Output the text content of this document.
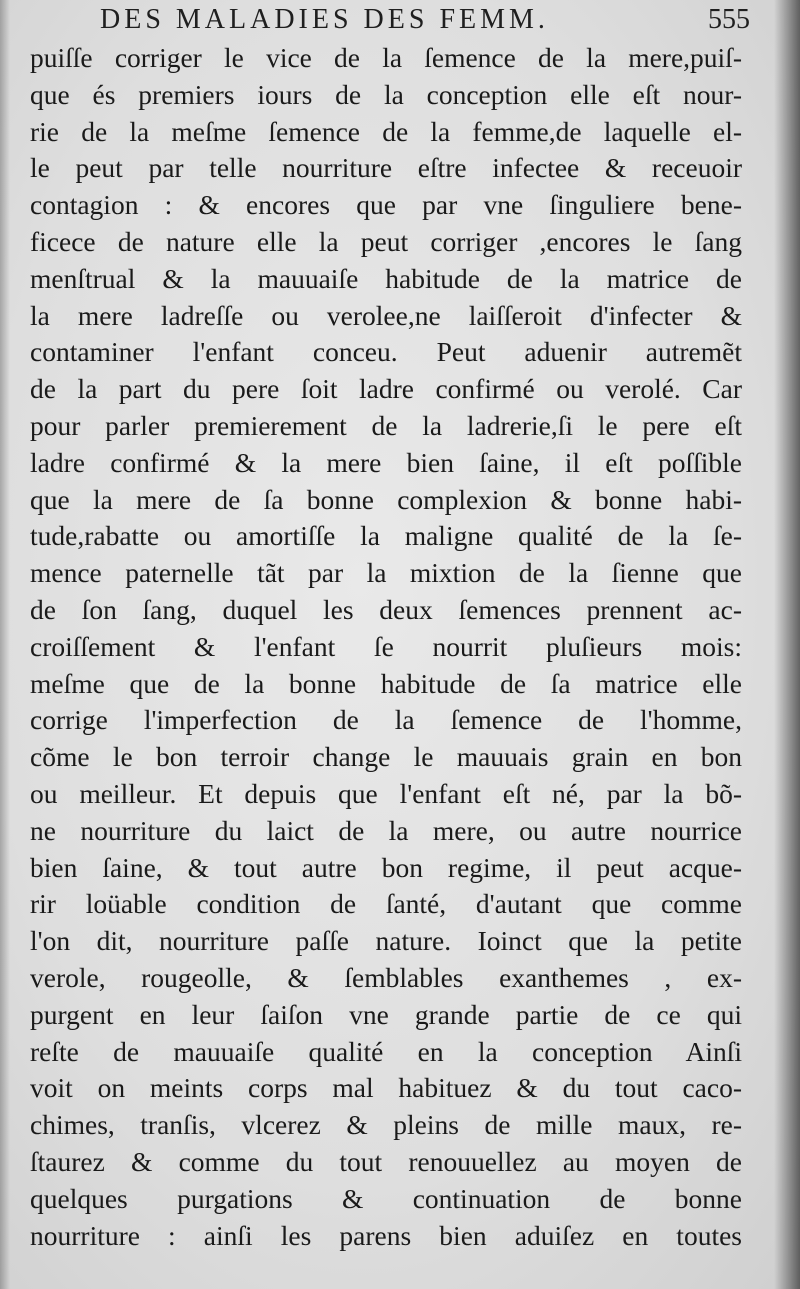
DES MALADIES DES FEMM.	555
puiſſe corriger le vice de la ſemence de la mere,puiſ-
que és premiers iours de la conception elle eſt nour-
rie de la meſme ſemence de la femme,de laquelle el-
le peut par telle nourriture eſtre infectee & receuoir
contagion : & encores que par vne ſinguliere bene-
ficece de nature elle la peut corriger ,encores le ſang
menſtrual & la mauuaiſe habitude de la matrice de
la mere ladreſſe ou verolee,ne laiſſeroit d'infecter &
contaminer l'enfant conceu. Peut aduenir autremẽt
de la part du pere ſoit ladre confirmé ou verolé. Car
pour parler premierement de la ladrerie,ſi le pere eſt
ladre confirmé & la mere bien ſaine, il eſt poſſible
que la mere de ſa bonne complexion & bonne habi-
tude,rabatte ou amortiſſe la maligne qualité de la ſe-
mence paternelle tãt par la mixtion de la ſienne que
de ſon ſang, duquel les deux ſemences prennent ac-
croiſſement & l'enfant ſe nourrit pluſieurs mois:
meſme que de la bonne habitude de ſa matrice elle
corrige l'imperfection de la ſemence de l'homme,
cõme le bon terroir change le mauuais grain en bon
ou meilleur. Et depuis que l'enfant eſt né, par la bõ-
ne nourriture du laict de la mere, ou autre nourrice
bien ſaine, & tout autre bon regime, il peut acque-
rir loüable condition de ſanté, d'autant que comme
l'on dit, nourriture paſſe nature. Ioinct que la petite
verole, rougeolle, & ſemblables exanthemes , ex-
purgent en leur ſaiſon vne grande partie de ce qui
reſte de mauuaiſe qualité en la conception Ainſi
voit on meints corps mal habituez & du tout caco-
chimes, tranſis, vlcerez & pleins de mille maux, re-
ſtaurez & comme du tout renouuellez au moyen de
quelques purgations & continuation de bonne
nourriture : ainſi les parens bien aduiſez en toutes
